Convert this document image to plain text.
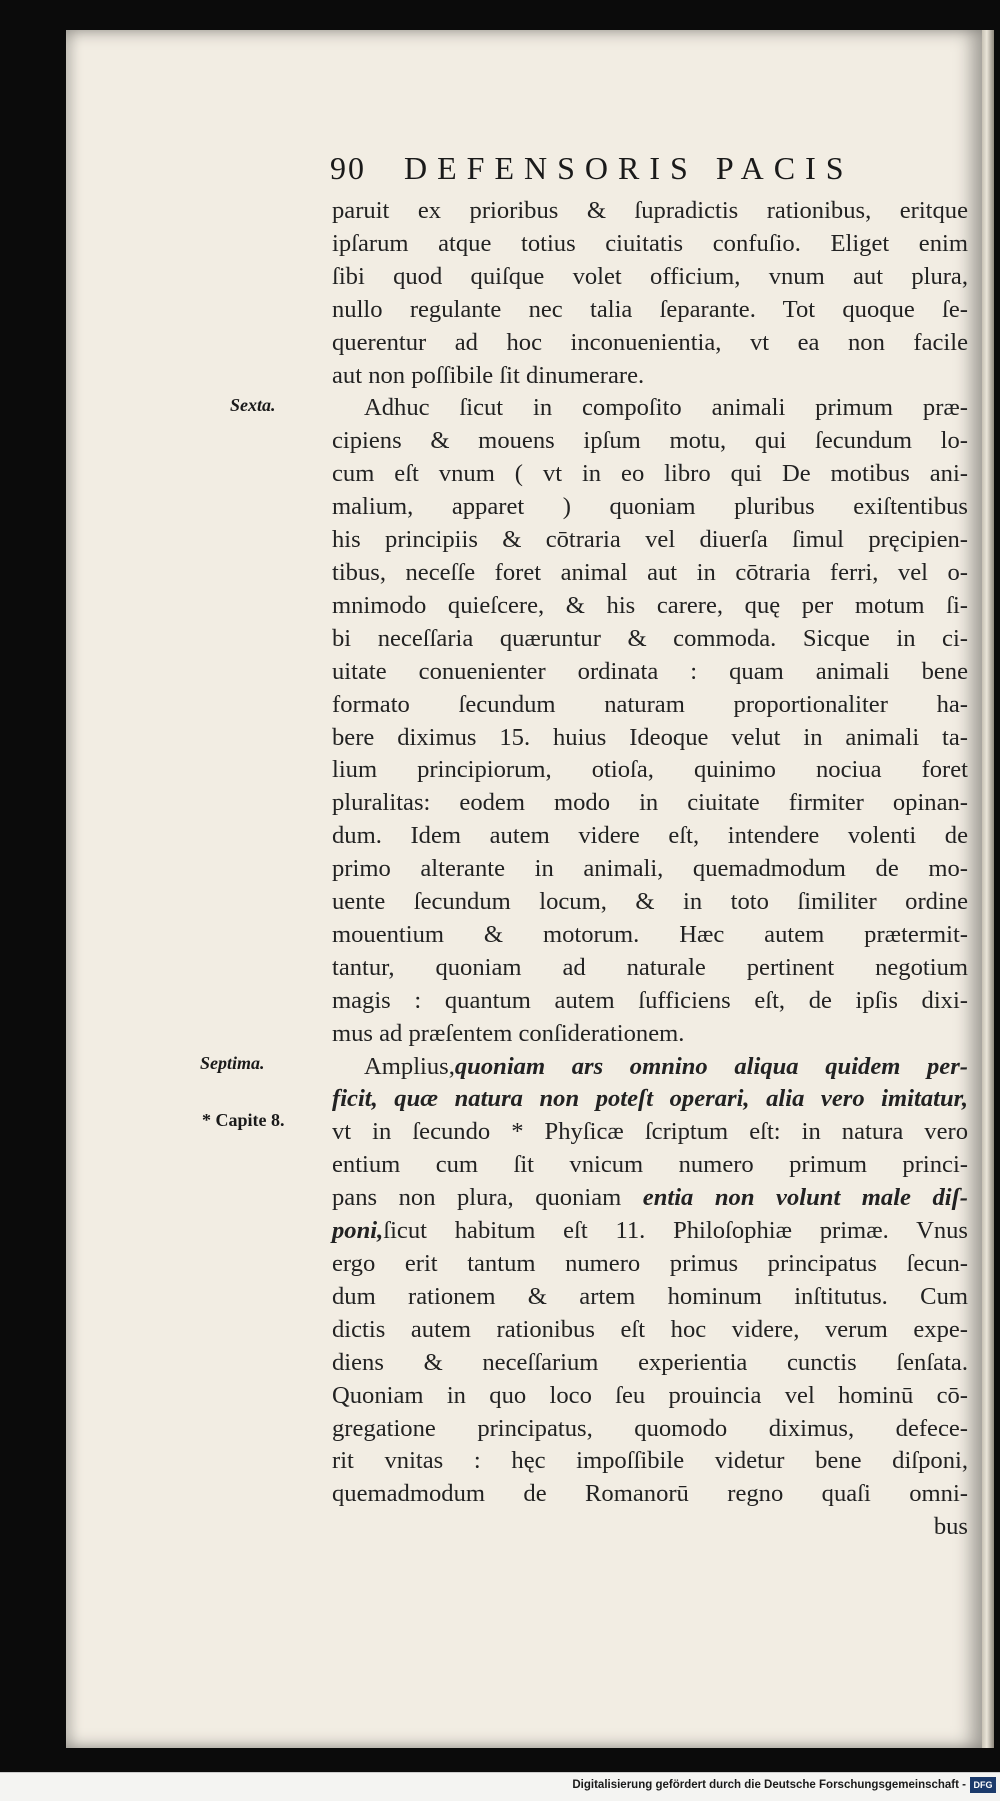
90 DEFENSORIS PACIS
Sexta.
Septima.
* Capite 8.
paruit ex prioribus & ſupradictis rationibus, eritque
ipſarum atque totius ciuitatis confuſio. Eliget enim
ſibi quod quiſque volet officium, vnum aut plura,
nullo regulante nec talia ſeparante. Tot quoque ſe-
querentur ad hoc inconuenientia, vt ea non facile
aut non poſſibile ſit dinumerare.
Adhuc ſicut in compoſito animali primum præ-
cipiens & mouens ipſum motu, qui ſecundum lo-
cum eſt vnum ( vt in eo libro qui De motibus ani-
malium, apparet ) quoniam pluribus exiſtentibus
his principiis & cōtraria vel diuerſa ſimul pręcipien-
tibus, neceſſe foret animal aut in cōtraria ferri, vel o-
mnimodo quieſcere, & his carere, quę per motum ſi-
bi neceſſaria quæruntur & commoda. Sicque in ci-
uitate conuenienter ordinata : quam animali bene
formato ſecundum naturam proportionaliter ha-
bere diximus 15. huius Ideoque velut in animali ta-
lium principiorum, otioſa, quinimo nociua foret
pluralitas: eodem modo in ciuitate firmiter opinan-
dum. Idem autem videre eſt, intendere volenti de
primo alterante in animali, quemadmodum de mo-
uente ſecundum locum, & in toto ſimiliter ordine
mouentium & motorum. Hæc autem prætermit-
tantur, quoniam ad naturale pertinent negotium
magis : quantum autem ſufficiens eſt, de ipſis dixi-
mus ad præſentem conſiderationem.
Amplius,quoniam ars omnino aliqua quidem per-
ficit, quæ natura non poteſt operari, alia vero imitatur,
vt in ſecundo * Phyſicæ ſcriptum eſt: in natura vero
entium cum ſit vnicum numero primum princi-
pans non plura, quoniam entia non volunt male diſ-
poni,ſicut habitum eſt 11. Philoſophiæ primæ. Vnus
ergo erit tantum numero primus principatus ſecun-
dum rationem & artem hominum inſtitutus. Cum
dictis autem rationibus eſt hoc videre, verum expe-
diens & neceſſarium experientia cunctis ſenſata.
Quoniam in quo loco ſeu prouincia vel hominū cō-
gregatione principatus, quomodo diximus, defece-
rit vnitas : hęc impoſſibile videtur bene diſponi,
quemadmodum de Romanorū regno quaſi omni-
bus
Digitalisierung gefördert durch die Deutsche Forschungsgemeinschaft - DFG
